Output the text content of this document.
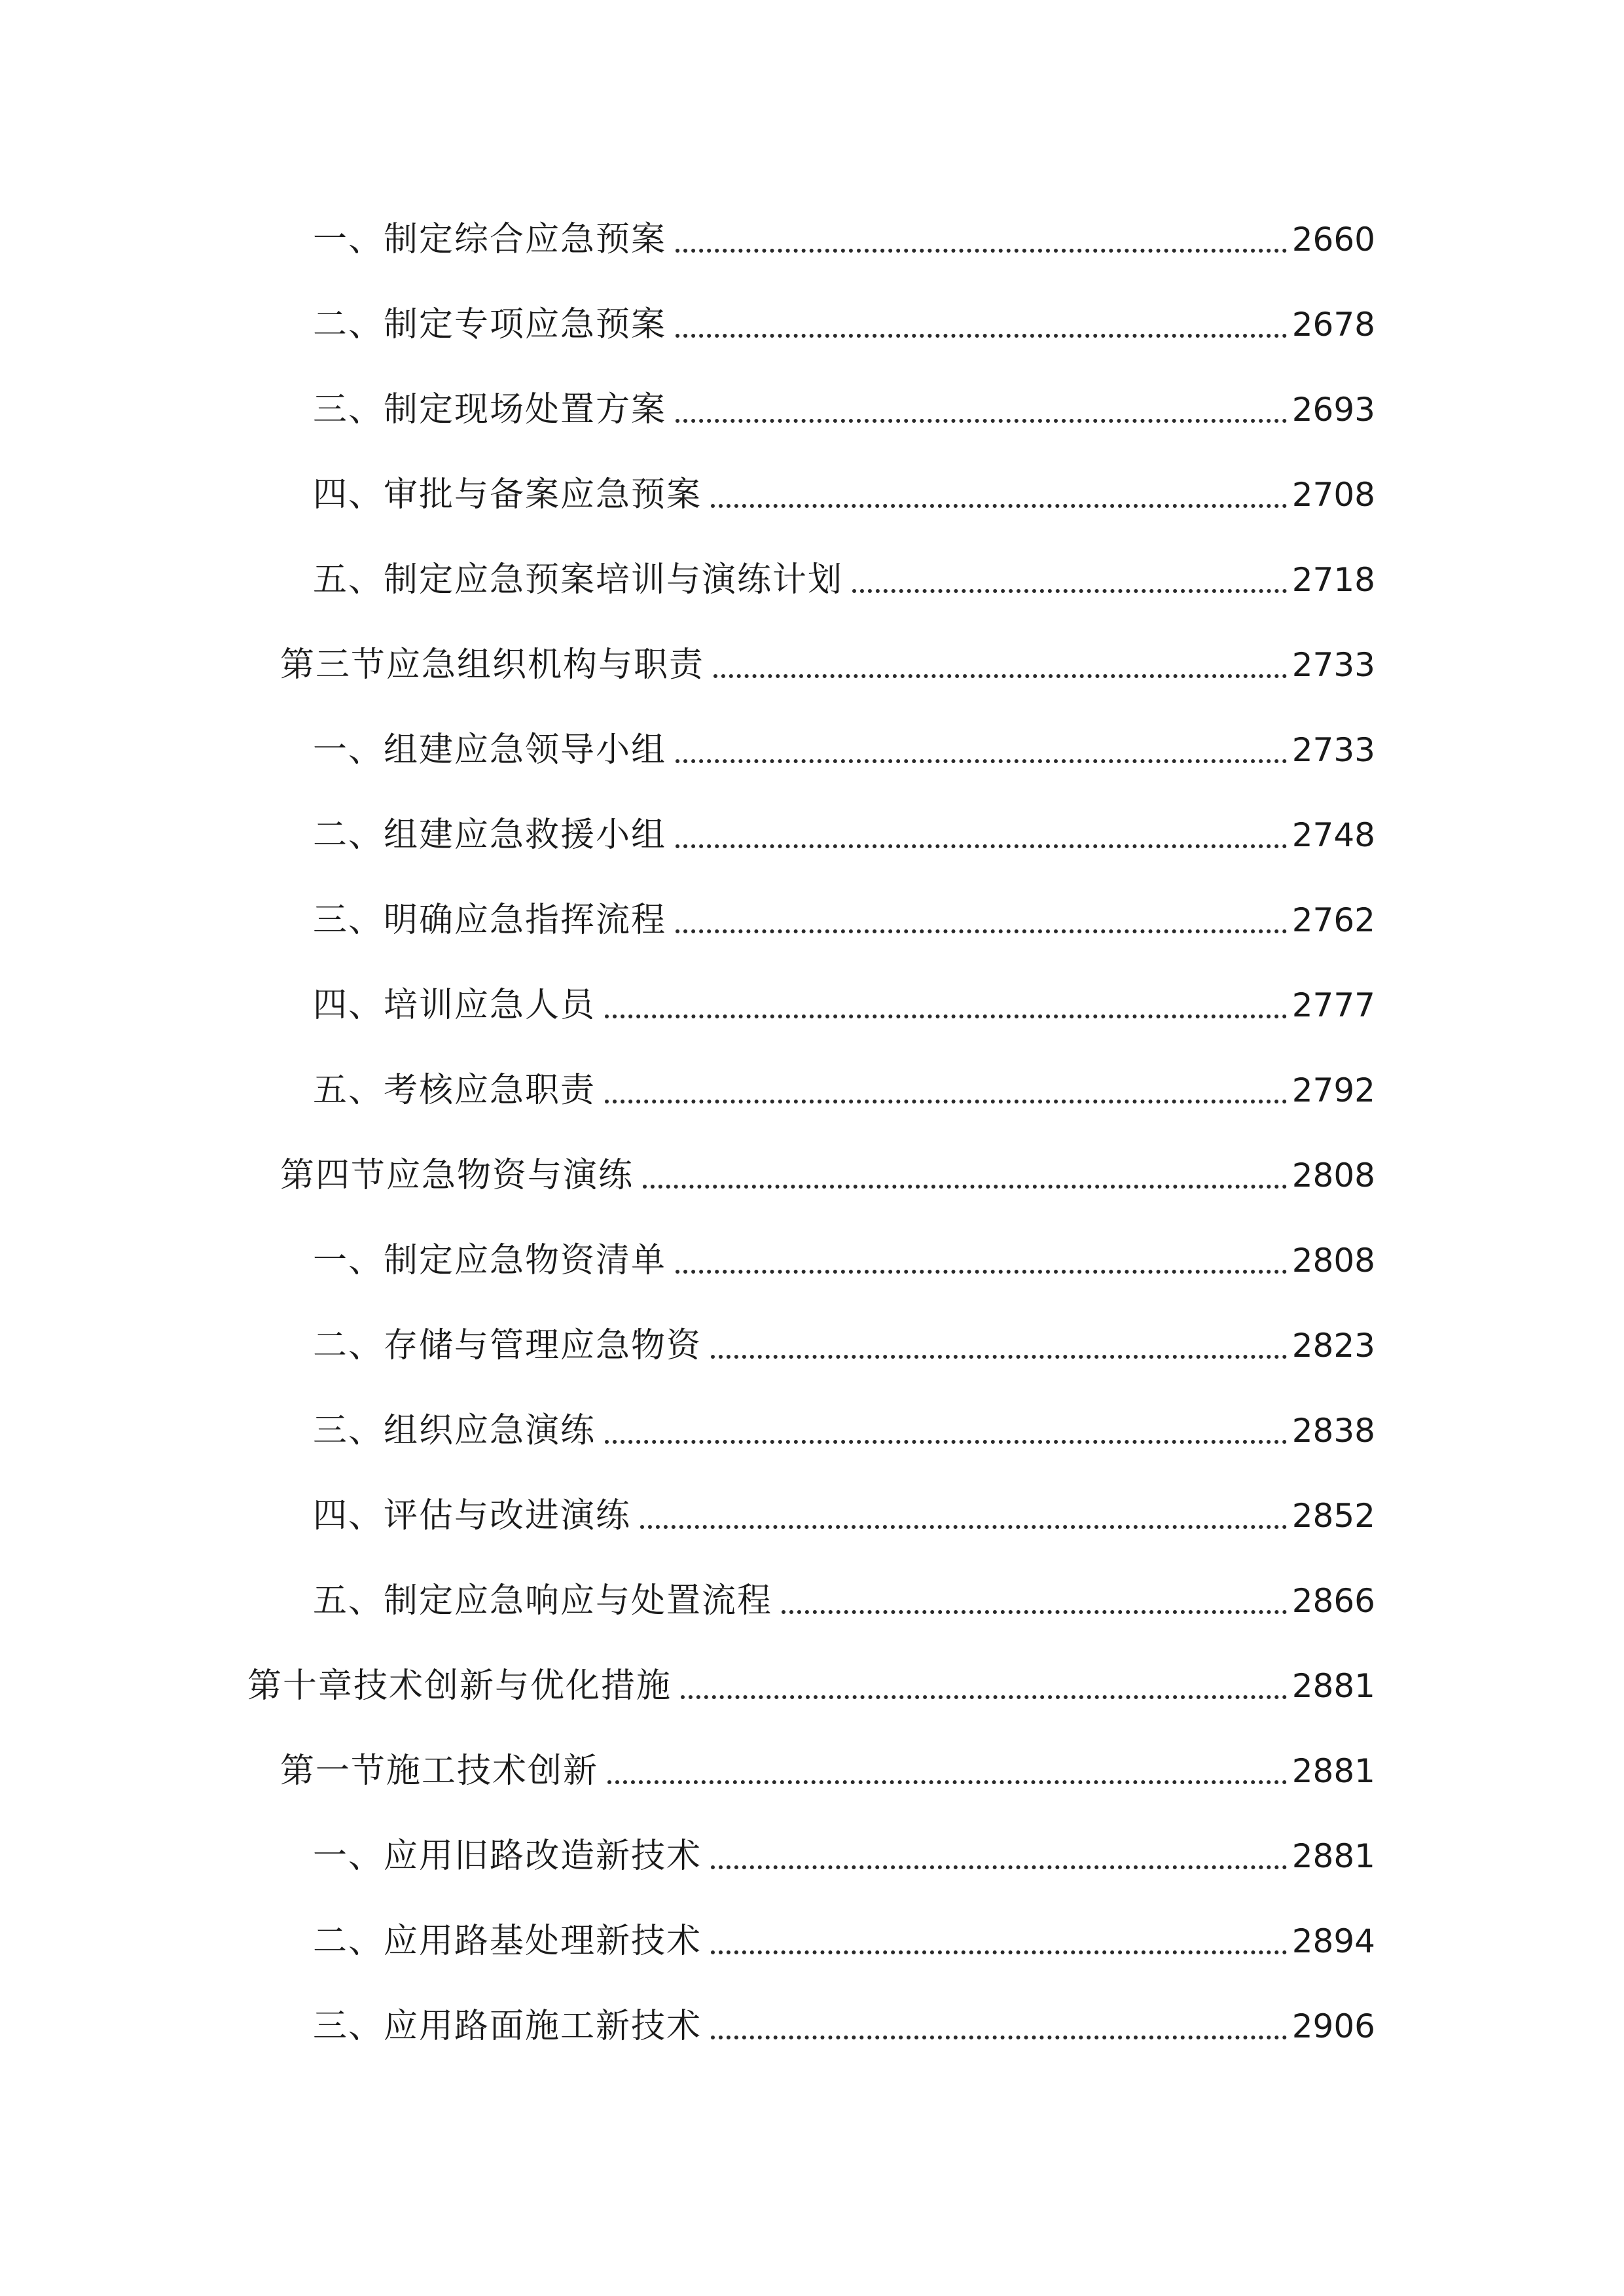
一、制定综合应急预案	2660
二、制定专项应急预案	2678
三、制定现场处置方案	2693
四、审批与备案应急预案	2708
五、制定应急预案培训与演练计划	2718
第三节应急组织机构与职责	2733
一、组建应急领导小组	2733
二、组建应急救援小组	2748
三、明确应急指挥流程	2762
四、培训应急人员	2777
五、考核应急职责	2792
第四节应急物资与演练	2808
一、制定应急物资清单	2808
二、存储与管理应急物资	2823
三、组织应急演练	2838
四、评估与改进演练	2852
五、制定应急响应与处置流程	2866
第十章技术创新与优化措施	2881
第一节施工技术创新	2881
一、应用旧路改造新技术	2881
二、应用路基处理新技术	2894
三、应用路面施工新技术	2906
